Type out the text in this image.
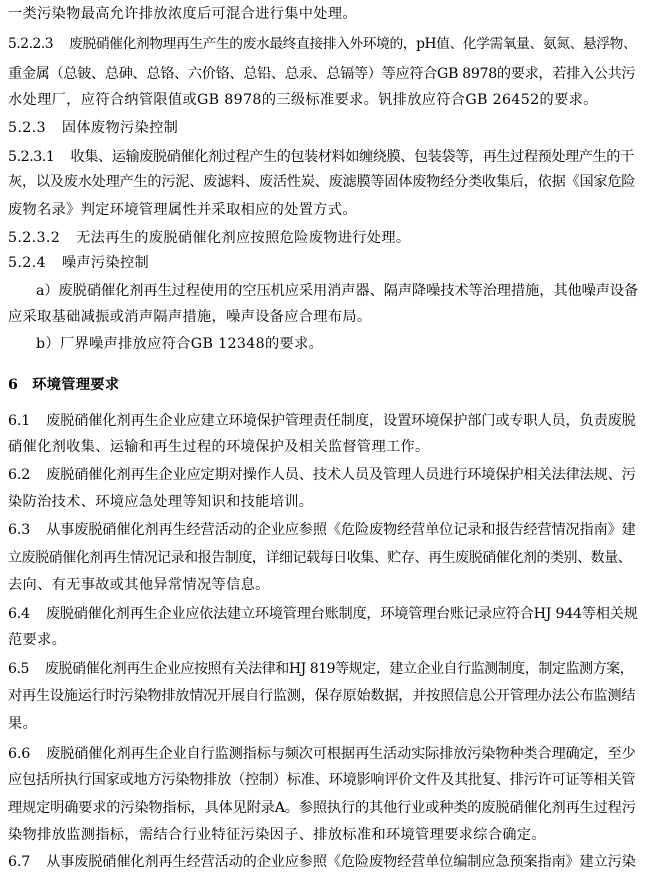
一类污染物最高允许排放浓度后可混合进行集中处理。
5.2.2.3 废脱硝催化剂物理再生产生的废水最终直接排入外环境的，pH值、化学需氧量、氨氮、悬浮物、
重金属（总铍、总砷、总铬、六价铬、总铅、总汞、总镉等）等应符合GB 8978的要求，若排入公共污
水处理厂，应符合纳管限值或GB 8978的三级标准要求。钒排放应符合GB 26452的要求。
5.2.3 固体废物污染控制
5.2.3.1 收集、运输废脱硝催化剂过程产生的包装材料如缠绕膜、包装袋等，再生过程预处理产生的干
灰，以及废水处理产生的污泥、废滤料、废活性炭、废滤膜等固体废物经分类收集后，依据《国家危险
废物名录》判定环境管理属性并采取相应的处置方式。
5.2.3.2 无法再生的废脱硝催化剂应按照危险废物进行处理。
5.2.4 噪声污染控制
a）废脱硝催化剂再生过程使用的空压机应采用消声器、隔声降噪技术等治理措施，其他噪声设备
应采取基础减振或消声隔声措施，噪声设备应合理布局。
b）厂界噪声排放应符合GB 12348的要求。
6 环境管理要求
6.1 废脱硝催化剂再生企业应建立环境保护管理责任制度，设置环境保护部门或专职人员，负责废脱
硝催化剂收集、运输和再生过程的环境保护及相关监督管理工作。
6.2 废脱硝催化剂再生企业应定期对操作人员、技术人员及管理人员进行环境保护相关法律法规、污
染防治技术、环境应急处理等知识和技能培训。
6.3 从事废脱硝催化剂再生经营活动的企业应参照《危险废物经营单位记录和报告经营情况指南》建
立废脱硝催化剂再生情况记录和报告制度，详细记载每日收集、贮存、再生废脱硝催化剂的类别、数量、
去向、有无事故或其他异常情况等信息。
6.4 废脱硝催化剂再生企业应依法建立环境管理台账制度，环境管理台账记录应符合HJ 944等相关规
范要求。
6.5 废脱硝催化剂再生企业应按照有关法律和HJ 819等规定，建立企业自行监测制度，制定监测方案，
对再生设施运行时污染物排放情况开展自行监测，保存原始数据，并按照信息公开管理办法公布监测结
果。
6.6 废脱硝催化剂再生企业自行监测指标与频次可根据再生活动实际排放污染物种类合理确定，至少
应包括所执行国家或地方污染物排放（控制）标准、环境影响评价文件及其批复、排污许可证等相关管
理规定明确要求的污染物指标，具体见附录A。参照执行的其他行业或种类的废脱硝催化剂再生过程污
染物排放监测指标，需结合行业特征污染因子、排放标准和环境管理要求综合确定。
6.7 从事废脱硝催化剂再生经营活动的企业应参照《危险废物经营单位编制应急预案指南》建立污染
